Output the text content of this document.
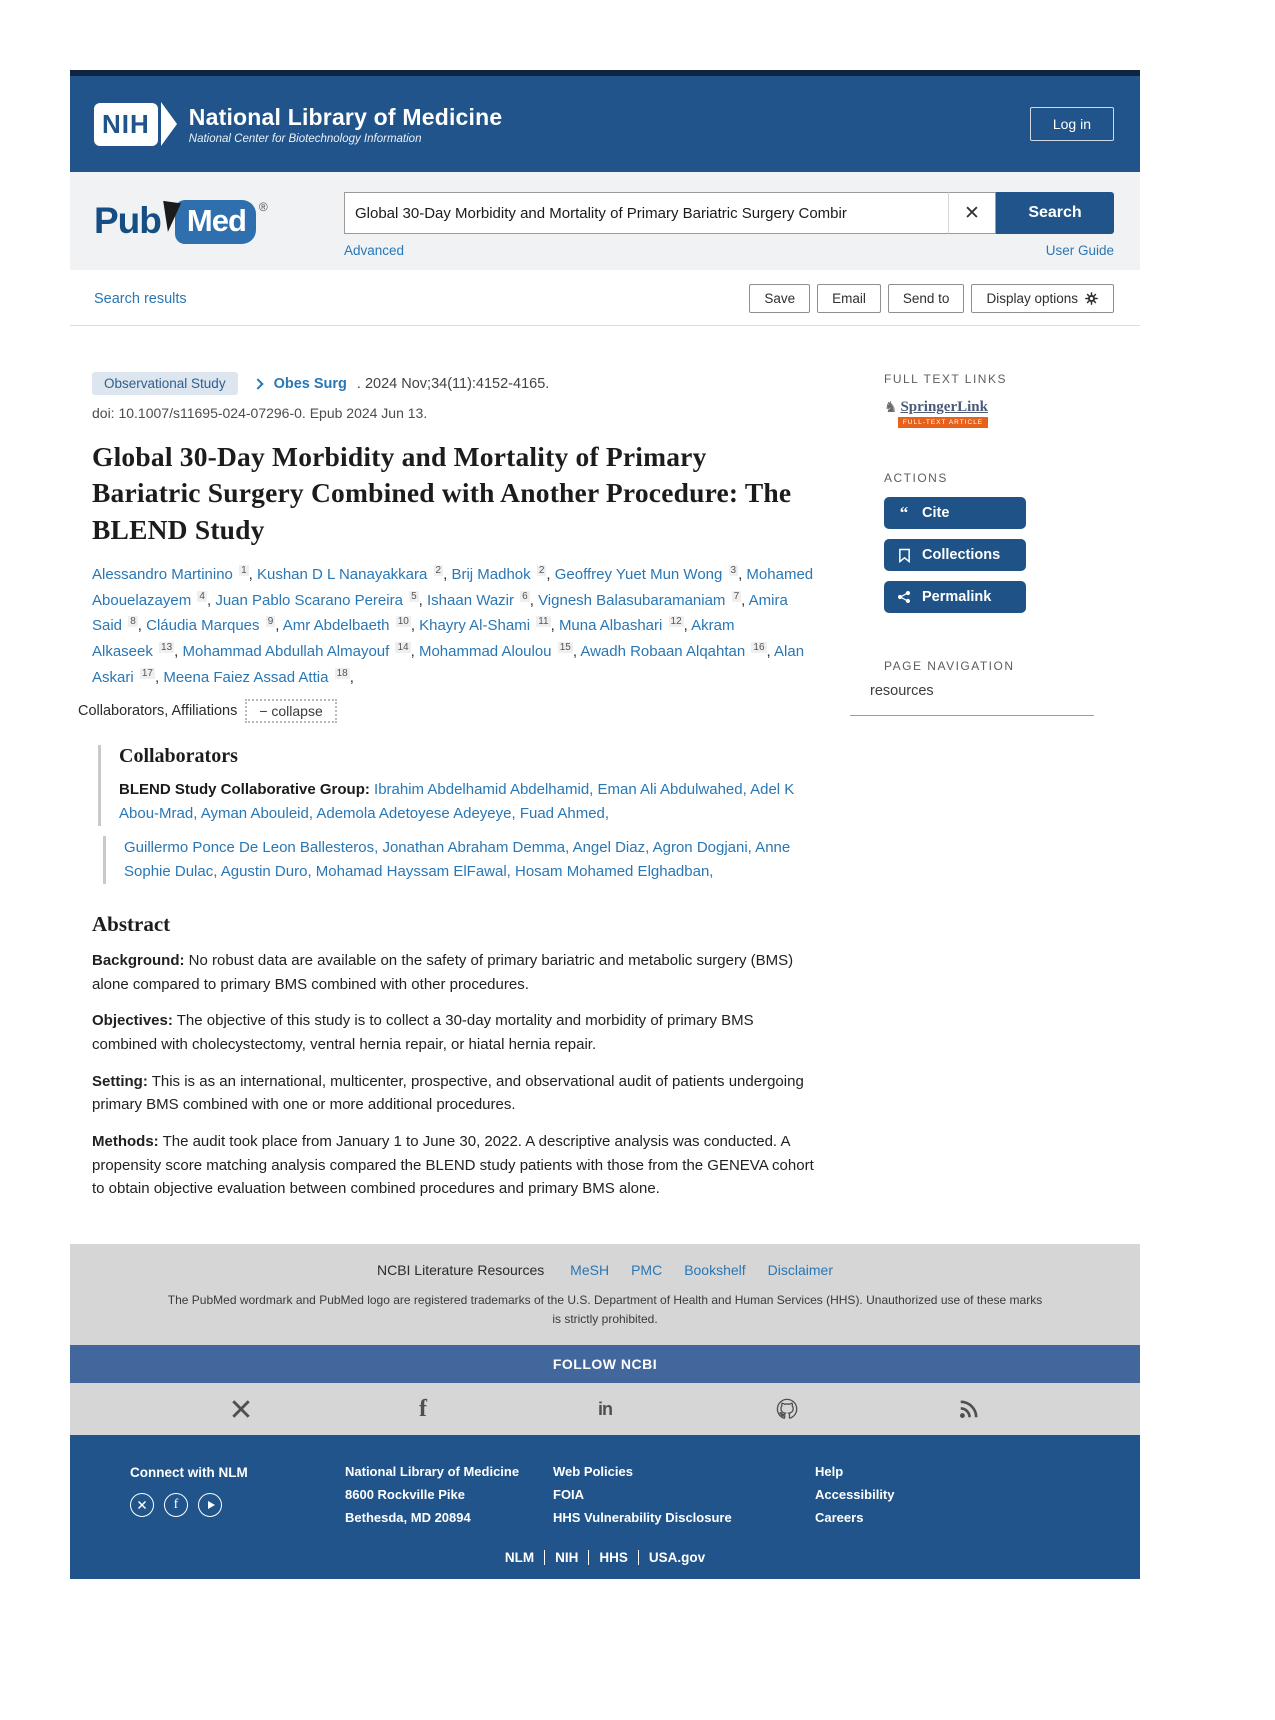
NIH	National Library of Medicine
National Center for Biotechnology Information
Log in
Pub Med	®
Global 30-Day Morbidity and Mortality of Primary Bariatric Surgery Combir	✕	Search
Advanced	User Guide
Search results	Save	Email	Send to	Display options
Observational Study	Obes Surg . 2024 Nov;34(11):4152-4165.
doi: 10.1007/s11695-024-07296-0. Epub 2024 Jun 13.
Global 30-Day Morbidity and Mortality of Primary Bariatric Surgery Combined with Another Procedure: The BLEND Study

Alessandro Martinino $^1$ , Kushan D L Nanayakkara $^2$ , Brij Madhok $^2$ , Geoffrey Yuet Mun Wong $^3$ , Mohamed Abouelazayem $^4$ , Juan Pablo Scarano Pereira $^5$ , Ishaan Wazir $^6$ , Vignesh Balasubaramaniam $^7$ , Amira Said $^8$ , Cláudia Marques $^9$ , Amr Abdelbaeth $^{10}$ , Khayry Al-Shami $^{11}$ , Muna Albashari $^{12}$ , Akram Alkaseek $^{13}$ , Mohammad Abdullah Almayouf $^{14}$ , Mohammad Aloulou $^{15}$ , Awadh Robaan Alqahtan $^{16}$ , Alan Askari $^{17}$ , Meena Faiez Assad Attia $^{18}$ ,

Collaborators, Affiliations	− collapse
Collaborators
BLEND Study Collaborative Group: Ibrahim Abdelhamid Abdelhamid, Eman Ali Abdulwahed, Adel K Abou-Mrad, Ayman Abouleid, Ademola Adetoyese Adeyeye, Fuad Ahmed,
Guillermo Ponce De Leon Ballesteros, Jonathan Abraham Demma, Angel Diaz, Agron Dogjani, Anne Sophie Dulac, Agustin Duro, Mohamad Hayssam ElFawal, Hosam Mohamed Elghadban,
Abstract

Background: No robust data are available on the safety of primary bariatric and metabolic surgery (BMS) alone compared to primary BMS combined with other procedures.

Objectives: The objective of this study is to collect a 30-day mortality and morbidity of primary BMS combined with cholecystectomy, ventral hernia repair, or hiatal hernia repair.

Setting: This is as an international, multicenter, prospective, and observational audit of patients undergoing primary BMS combined with one or more additional procedures.

Methods: The audit took place from January 1 to June 30, 2022. A descriptive analysis was conducted. A propensity score matching analysis compared the BLEND study patients with those from the GENEVA cohort to obtain objective evaluation between combined procedures and primary BMS alone.

FULL TEXT LINKS
♞ SpringerLink
FULL-TEXT ARTICLE
ACTIONS
“ Cite
Collections
Permalink
PAGE NAVIGATION
resources
NCBI Literature Resources MeSH PMC Bookshelf Disclaimer
The PubMed wordmark and PubMed logo are registered trademarks of the U.S. Department of Health and Human Services (HHS). Unauthorized use of these marks is strictly prohibited.
FOLLOW NCBI
f	in
Connect with NLM
f
National Library of Medicine
8600 Rockville Pike
Bethesda, MD 20894
Web Policies
FOIA
HHS Vulnerability Disclosure
Help
Accessibility
Careers
NLM NIH HHS USA.gov
